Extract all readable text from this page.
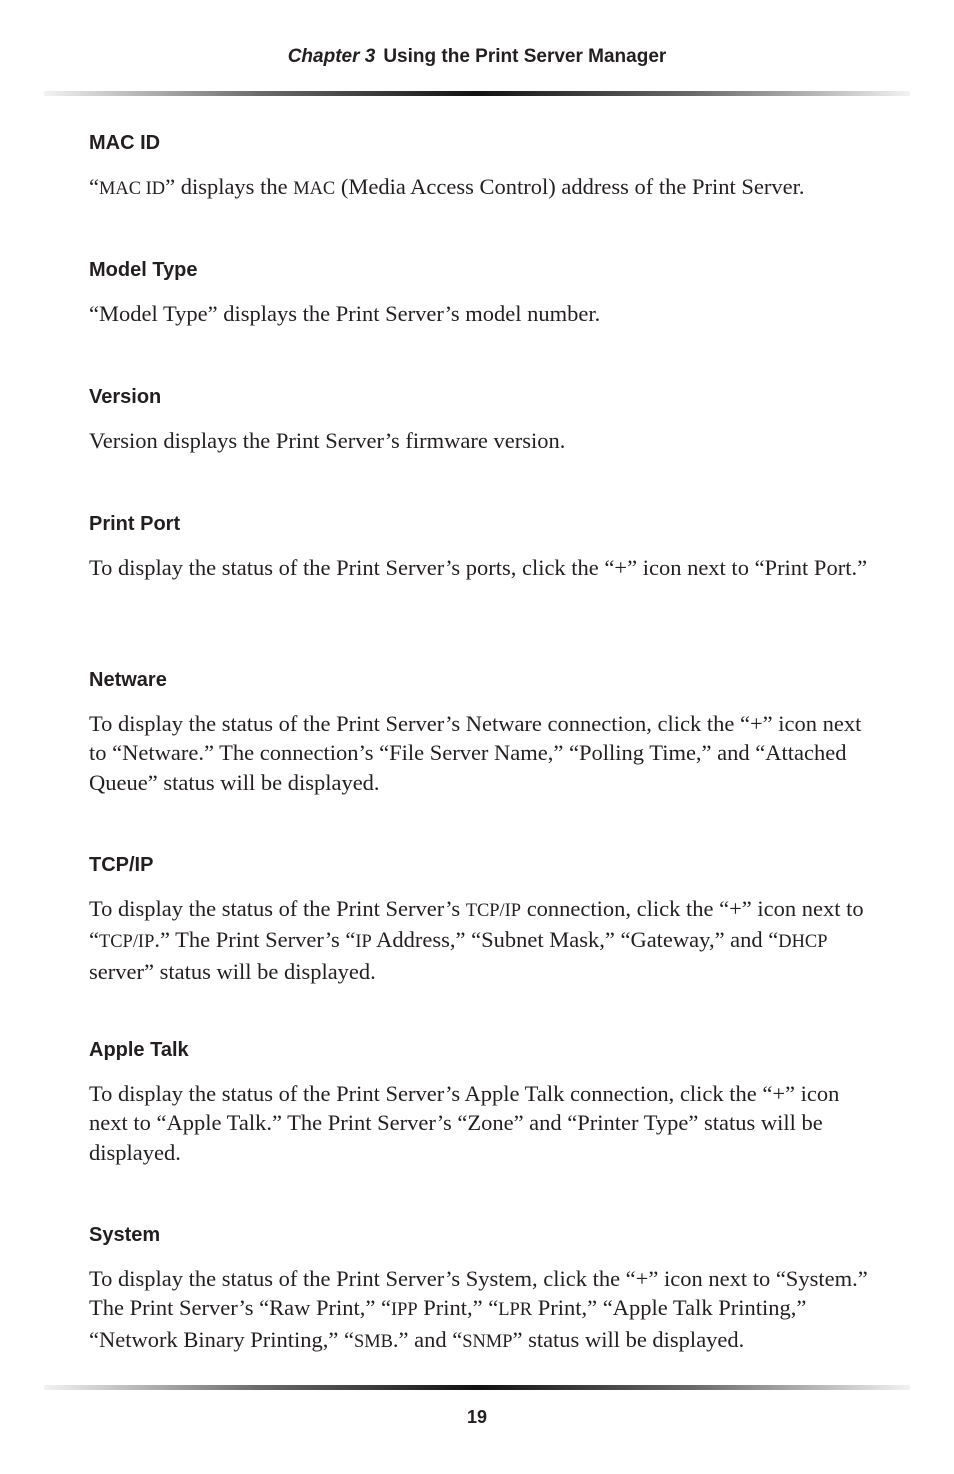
Chapter 3 Using the Print Server Manager
MAC ID

“MAC ID” displays the MAC (Media Access Control) address of the Print Server.

Model Type

“Model Type” displays the Print Server’s model number.

Version

Version displays the Print Server’s firmware version.

Print Port

To display the status of the Print Server’s ports, click the “+” icon next to “Print Port.”

Netware

To display the status of the Print Server’s Netware connection, click the “+” icon next to “Netware.” The connection’s “File Server Name,” “Polling Time,” and “Attached Queue” status will be displayed.

TCP/IP

To display the status of the Print Server’s TCP/IP connection, click the “+” icon next to “TCP/IP.” The Print Server’s “IP Address,” “Subnet Mask,” “Gateway,” and “DHCP server” status will be displayed.

Apple Talk

To display the status of the Print Server’s Apple Talk connection, click the “+” icon next to “Apple Talk.” The Print Server’s “Zone” and “Printer Type” status will be displayed.

System

To display the status of the Print Server’s System, click the “+” icon next to “System.” The Print Server’s “Raw Print,” “IPP Print,” “LPR Print,” “Apple Talk Printing,” “Network Binary Printing,” “SMB.” and “SNMP” status will be displayed.

19
